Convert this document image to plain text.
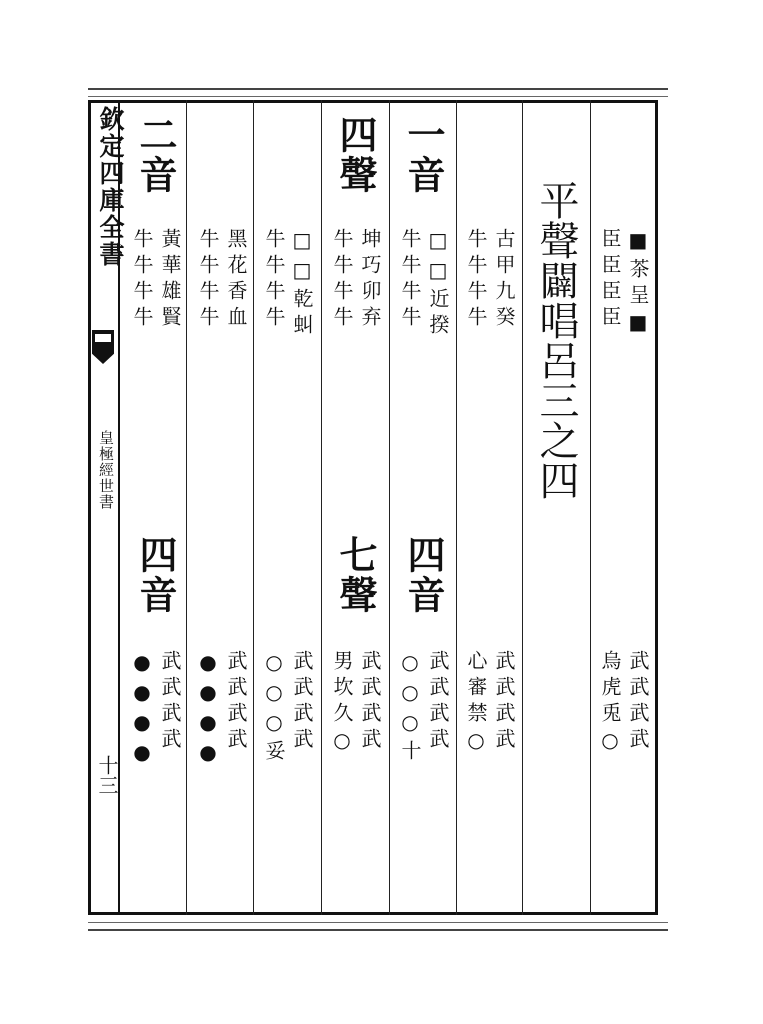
欽定四庫全書
皇極經世書
十三
■茶呈■
臣臣臣臣
武武武武
烏虎兎○
平聲闢唱呂三之四
古甲九癸
牛牛牛牛
武武武武
心審禁○
一音
□□近揆
牛牛牛牛
四音
武武武武
○○○十
四聲
坤巧卯弃
牛牛牛牛
七聲
武武武武
男坎久○
□□乾虯
牛牛牛牛
武武武武
○○○妥
黑花香血
牛牛牛牛
武武武武
●●●●
二音
黃華雄賢
牛牛牛牛
四音
武武武武
●●●●
